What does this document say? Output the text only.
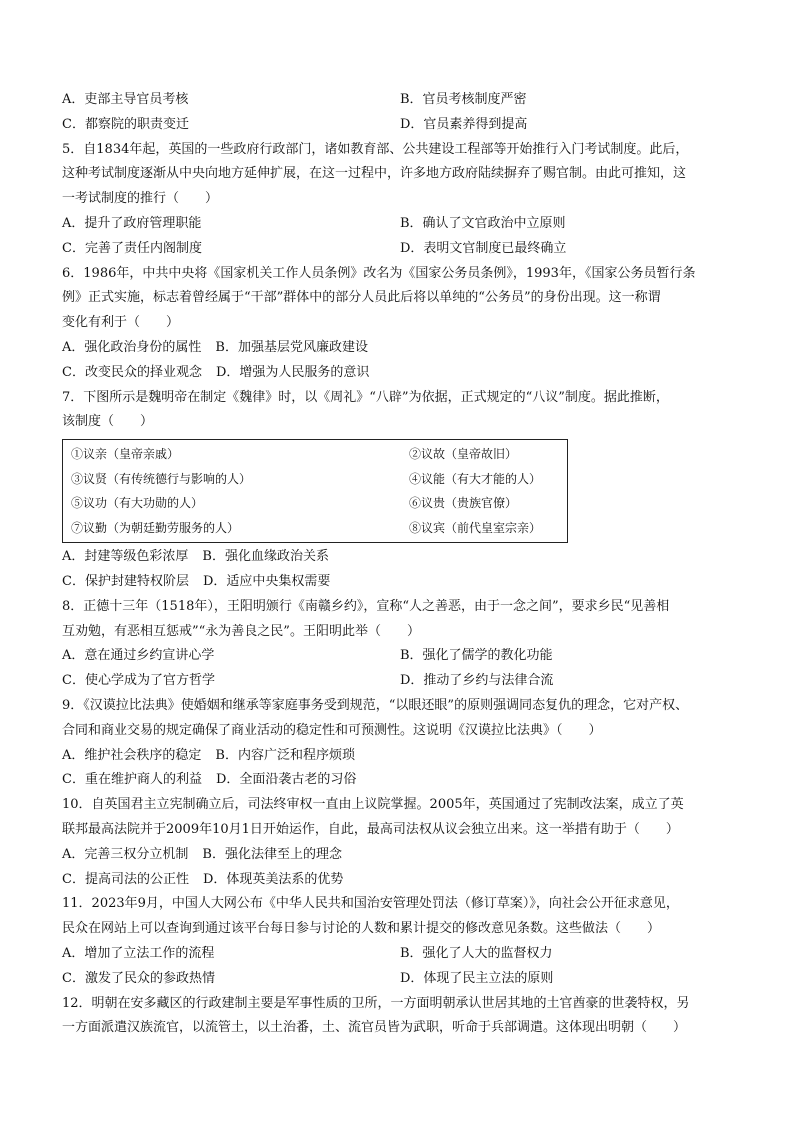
A．吏部主导官员考核	B．官员考核制度严密
C．都察院的职责变迁	D．官员素养得到提高
5．自1834年起，英国的一些政府行政部门，诸如教育部、公共建设工程部等开始推行入门考试制度。此后，
这种考试制度逐渐从中央向地方延伸扩展，在这一过程中，许多地方政府陆续摒弃了赐官制。由此可推知，这
一考试制度的推行（　　）
A．提升了政府管理职能	B．确认了文官政治中立原则
C．完善了责任内阁制度	D．表明文官制度已最终确立
6．1986年，中共中央将《国家机关工作人员条例》改名为《国家公务员条例》，1993年，《国家公务员暂行条
例》正式实施，标志着曾经属于“干部”群体中的部分人员此后将以单纯的“公务员”的身份出现。这一称谓
变化有利于（　　）
A．强化政治身份的属性 B．加强基层党风廉政建设
C．改变民众的择业观念 D．增强为人民服务的意识
7．下图所示是魏明帝在制定《魏律》时，以《周礼》“八辟”为依据，正式规定的“八议”制度。据此推断，
该制度（　　）
①议亲（皇帝亲戚）	②议故（皇帝故旧）
③议贤（有传统德行与影响的人）	④议能（有大才能的人）
⑤议功（有大功勋的人）	⑥议贵（贵族官僚）
⑦议勤（为朝廷勤劳服务的人）	⑧议宾（前代皇室宗亲）
A．封建等级色彩浓厚 B．强化血缘政治关系
C．保护封建特权阶层 D．适应中央集权需要
8．正德十三年（1518年），王阳明颁行《南赣乡约》，宣称“人之善恶，由于一念之间”，要求乡民“见善相
互劝勉，有恶相互惩戒”“永为善良之民”。王阳明此举（　　）
A．意在通过乡约宣讲心学	B．强化了儒学的教化功能
C．使心学成为了官方哲学	D．推动了乡约与法律合流
9．《汉谟拉比法典》使婚姻和继承等家庭事务受到规范，“以眼还眼”的原则强调同态复仇的理念，它对产权、
合同和商业交易的规定确保了商业活动的稳定性和可预测性。这说明《汉谟拉比法典》（　　）
A．维护社会秩序的稳定 B．内容广泛和程序烦琐
C．重在维护商人的利益 D．全面沿袭古老的习俗
10．自英国君主立宪制确立后，司法终审权一直由上议院掌握。2005年，英国通过了宪制改法案，成立了英
联邦最高法院并于2009年10月1日开始运作，自此，最高司法权从议会独立出来。这一举措有助于（　　）
A．完善三权分立机制 B．强化法律至上的理念
C．提高司法的公正性 D．体现英美法系的优势
11．2023年9月，中国人大网公布《中华人民共和国治安管理处罚法（修订草案）》，向社会公开征求意见，
民众在网站上可以查询到通过该平台每日参与讨论的人数和累计提交的修改意见条数。这些做法（　　）
A．增加了立法工作的流程	B．强化了人大的监督权力
C．激发了民众的参政热情	D．体现了民主立法的原则
12．明朝在安多藏区的行政建制主要是军事性质的卫所，一方面明朝承认世居其地的土官酋豪的世袭特权，另
一方面派遣汉族流官，以流管土，以土治番，土、流官员皆为武职，听命于兵部调遣。这体现出明朝（　　）
